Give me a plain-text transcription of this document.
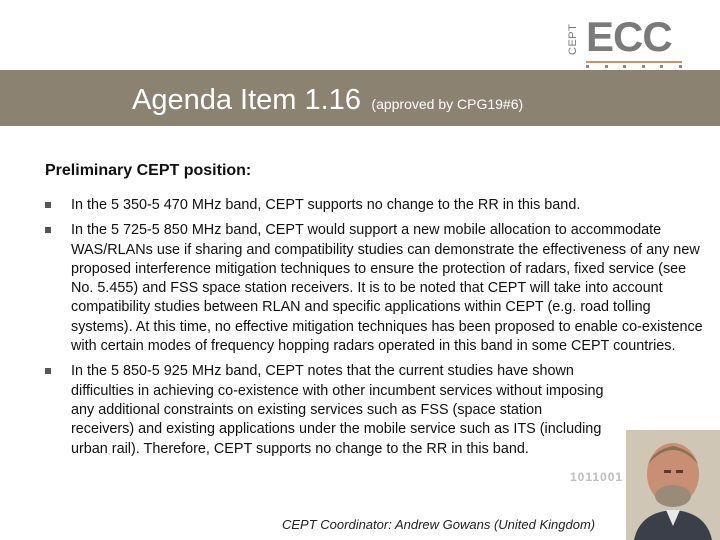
CEPT ECC
Agenda Item 1.16 (approved by CPG19#6)
Preliminary CEPT position:
In the 5 350-5 470 MHz band, CEPT supports no change to the RR in this band.
In the 5 725-5 850 MHz band, CEPT would support a new mobile allocation to accommodate WAS/RLANs use if sharing and compatibility studies can demonstrate the effectiveness of any new proposed interference mitigation techniques to ensure the protection of radars, fixed service (see No. 5.455) and FSS space station receivers. It is to be noted that CEPT will take into account compatibility studies between RLAN and specific applications within CEPT (e.g. road tolling systems). At this time, no effective mitigation techniques has been proposed to enable co-existence with certain modes of frequency hopping radars operated in this band in some CEPT countries.
In the 5 850-5 925 MHz band, CEPT notes that the current studies have shown difficulties in achieving co-existence with other incumbent services without imposing any additional constraints on existing services such as FSS (space station receivers) and existing applications under the mobile service such as ITS (including urban rail). Therefore, CEPT supports no change to the RR in this band.
1011001
CEPT Coordinator: Andrew Gowans (United Kingdom)
